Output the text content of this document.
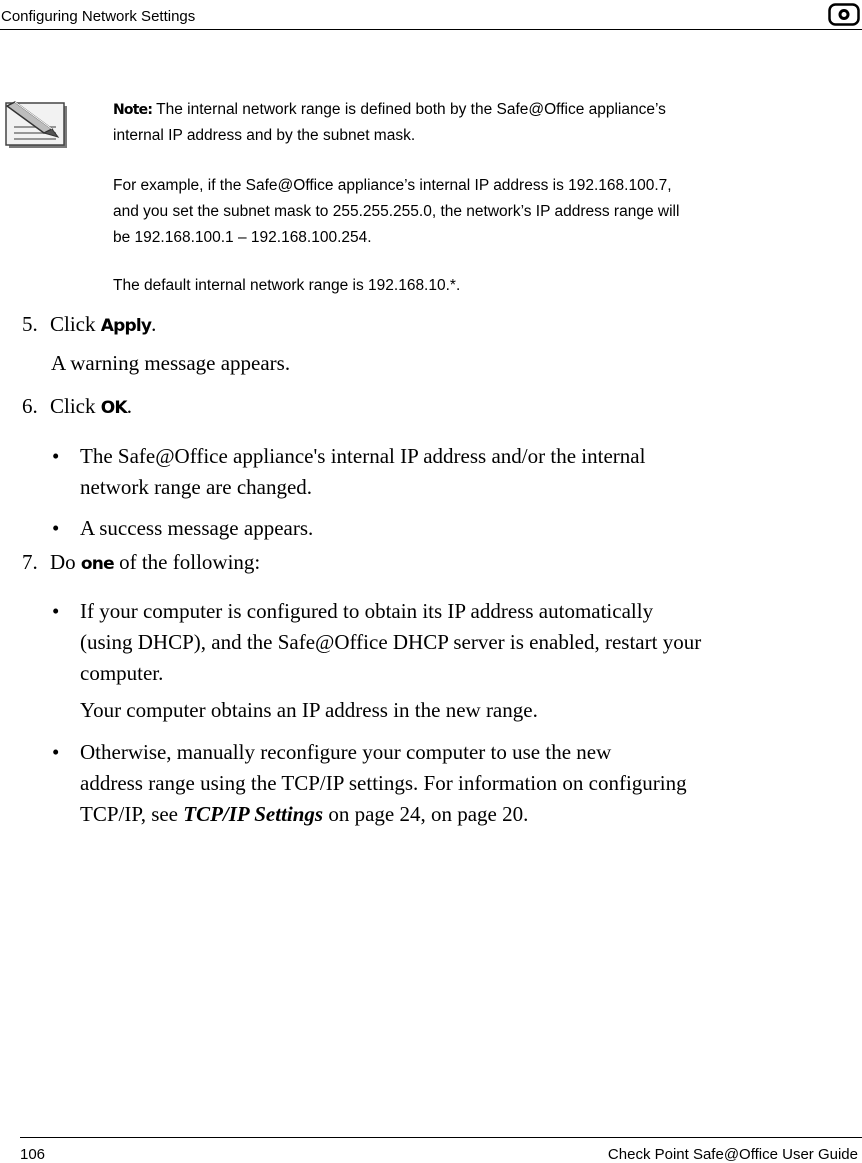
Configuring Network Settings
Note: The internal network range is defined both by the Safe@Office appliance’s
internal IP address and by the subnet mask.
For example, if the Safe@Office appliance’s internal IP address is 192.168.100.7,
and you set the subnet mask to 255.255.255.0, the network’s IP address range will
be 192.168.100.1 – 192.168.100.254.
The default internal network range is 192.168.10.*.
5. Click Apply.
A warning message appears.
6. Click OK.
• The Safe@Office appliance's internal IP address and/or the internal
network range are changed.
• A success message appears.
7. Do one of the following:
• If your computer is configured to obtain its IP address automatically
(using DHCP), and the Safe@Office DHCP server is enabled, restart your
computer.
Your computer obtains an IP address in the new range.
• Otherwise, manually reconfigure your computer to use the new
address range using the TCP/IP settings. For information on configuring
TCP/IP, see TCP/IP Settings on page 24, on page 20.
106	Check Point Safe@Office User Guide
